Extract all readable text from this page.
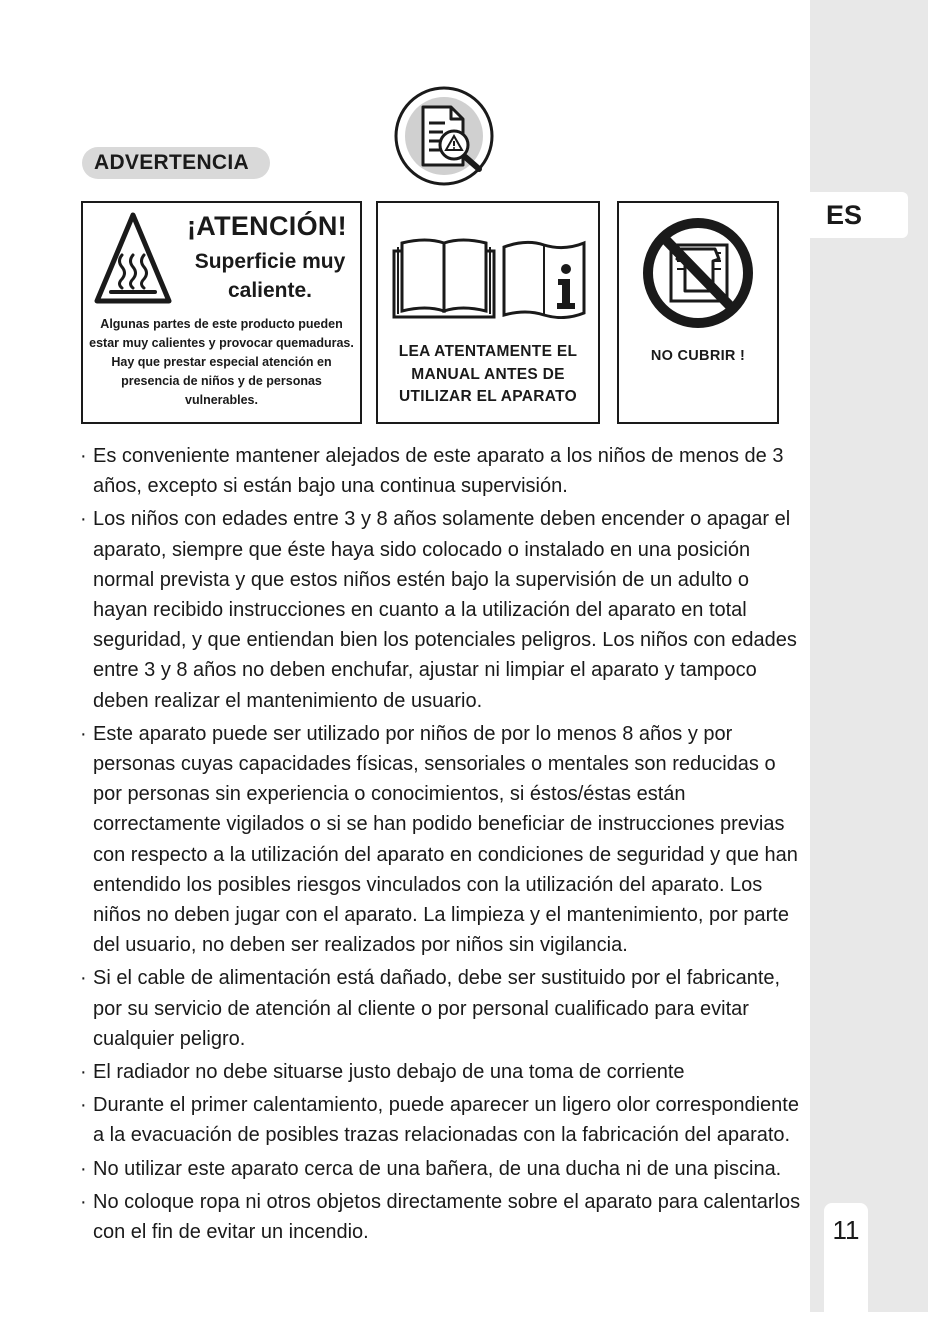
ES
11
ADVERTENCIA
¡ATENCIÓN!
Superficie muy caliente.
Algunas partes de este producto pueden estar muy calientes y provocar quemaduras. Hay que prestar especial atención en presencia de niños y de personas vulnerables.
LEA ATENTAMENTE EL MANUAL ANTES DE UTILIZAR EL APARATO
NO CUBRIR !
· Es conveniente mantener alejados de este aparato a los niños de menos de 3 años, excepto si están bajo una continua supervisión.
· Los niños con edades entre 3 y 8 años solamente deben encender o apagar el aparato, siempre que éste haya sido colocado o instalado en una posición normal prevista y que estos niños estén bajo la supervisión de un adulto o hayan recibido instrucciones en cuanto a la utilización del aparato en total seguridad, y que entiendan bien los potenciales peligros. Los niños con edades entre 3 y 8 años no deben enchufar, ajustar ni limpiar el aparato y tampoco deben realizar el mantenimiento de usuario.
· Este aparato puede ser utilizado por niños de por lo menos 8 años y por personas cuyas capacidades físicas, sensoriales o mentales son reducidas o por personas sin experiencia o conocimientos, si éstos/éstas están correctamente vigilados o si se han podido beneficiar de instrucciones previas con respecto a la utilización del aparato en condiciones de seguridad y que han entendido los posibles riesgos vinculados con la utilización del aparato. Los niños no deben jugar con el aparato. La limpieza y el mantenimiento, por parte del usuario, no deben ser realizados por niños sin vigilancia.
· Si el cable de alimentación está dañado, debe ser sustituido por el fabricante, por su servicio de atención al cliente o por personal cualificado para evitar cualquier peligro.
· El radiador no debe situarse justo debajo de una toma de corriente
· Durante el primer calentamiento, puede aparecer un ligero olor correspondiente a la evacuación de posibles trazas relacionadas con la fabricación del aparato.
· No utilizar este aparato cerca de una bañera, de una ducha ni de una piscina.
· No coloque ropa ni otros objetos directamente sobre el aparato para calentarlos con el fin de evitar un incendio.
